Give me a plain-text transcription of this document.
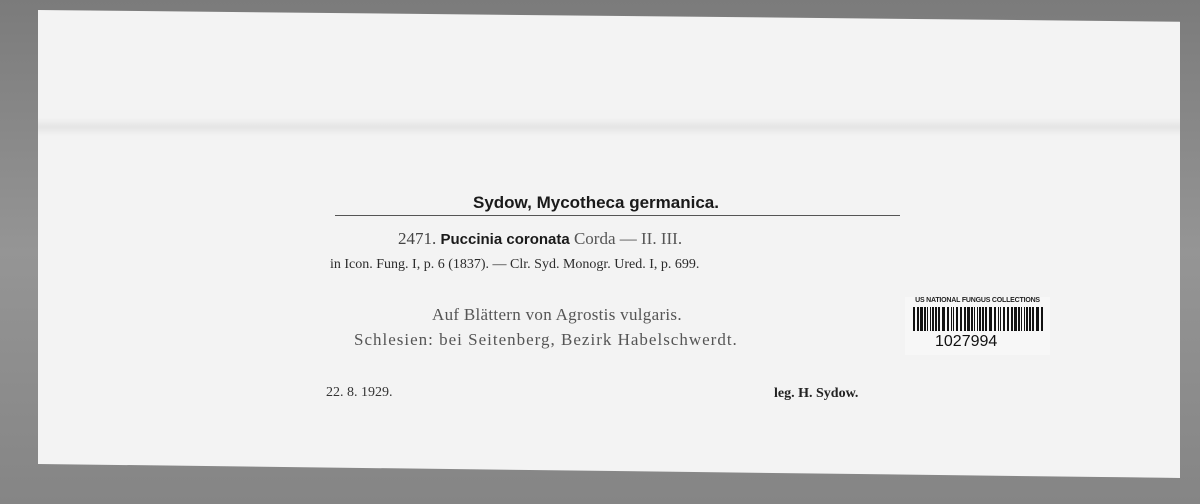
Sydow, Mycotheca germanica.
2471. Puccinia coronata Corda — II. III.
in Icon. Fung. I, p. 6 (1837). — Clr. Syd. Monogr. Ured. I, p. 699.
Auf Blättern von Agrostis vulgaris.
Schlesien: bei Seitenberg, Bezirk Habelschwerdt.
22. 8. 1929.	leg. H. Sydow.
US NATIONAL FUNGUS COLLECTIONS
1027994
